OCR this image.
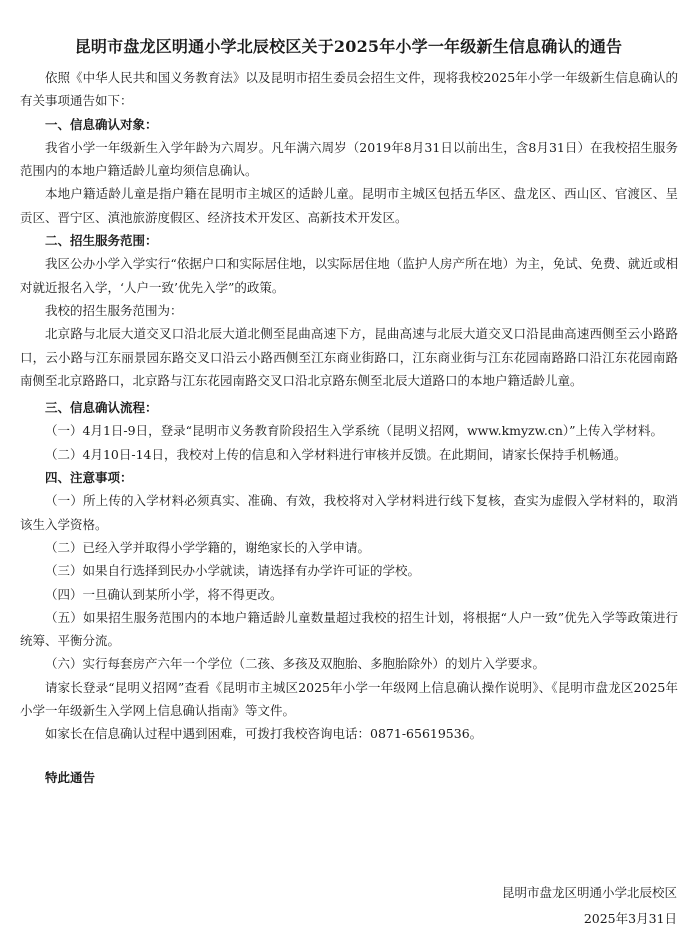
昆明市盘龙区明通小学北辰校区关于2025年小学一年级新生信息确认的通告

依照《中华人民共和国义务教育法》以及昆明市招生委员会招生文件，现将我校2025年小学一年级新生信息确认的有关事项通告如下：

一、信息确认对象：

我省小学一年级新生入学年龄为六周岁。凡年满六周岁（2019年8月31日以前出生，含8月31日）在我校招生服务范围内的本地户籍适龄儿童均须信息确认。

本地户籍适龄儿童是指户籍在昆明市主城区的适龄儿童。昆明市主城区包括五华区、盘龙区、西山区、官渡区、呈贡区、晋宁区、滇池旅游度假区、经济技术开发区、高新技术开发区。

二、招生服务范围：

我区公办小学入学实行“依据户口和实际居住地，以实际居住地（监护人房产所在地）为主，免试、免费、就近或相对就近报名入学，‘人户一致’优先入学”的政策。

我校的招生服务范围为：

北京路与北辰大道交叉口沿北辰大道北侧至昆曲高速下方，昆曲高速与北辰大道交叉口沿昆曲高速西侧至云小路路口，云小路与江东丽景园东路交叉口沿云小路西侧至江东商业街路口，江东商业街与江东花园南路路口沿江东花园南路南侧至北京路路口，北京路与江东花园南路交叉口沿北京路东侧至北辰大道路口的本地户籍适龄儿童。

三、信息确认流程：

（一）4月1日-9日，登录“昆明市义务教育阶段招生入学系统（昆明义招网，www.kmyzw.cn）”上传入学材料。

（二）4月10日-14日，我校对上传的信息和入学材料进行审核并反馈。在此期间，请家长保持手机畅通。

四、注意事项：

（一）所上传的入学材料必须真实、准确、有效，我校将对入学材料进行线下复核，查实为虚假入学材料的，取消该生入学资格。

（二）已经入学并取得小学学籍的，谢绝家长的入学申请。

（三）如果自行选择到民办小学就读，请选择有办学许可证的学校。

（四）一旦确认到某所小学，将不得更改。

（五）如果招生服务范围内的本地户籍适龄儿童数量超过我校的招生计划，将根据“人户一致”优先入学等政策进行统筹、平衡分流。

（六）实行每套房产六年一个学位（二孩、多孩及双胞胎、多胞胎除外）的划片入学要求。

请家长登录“昆明义招网”查看《昆明市主城区2025年小学一年级网上信息确认操作说明》、《昆明市盘龙区2025年小学一年级新生入学网上信息确认指南》等文件。

如家长在信息确认过程中遇到困难，可拨打我校咨询电话：0871-65619536。

特此通告

昆明市盘龙区明通小学北辰校区
2025年3月31日
